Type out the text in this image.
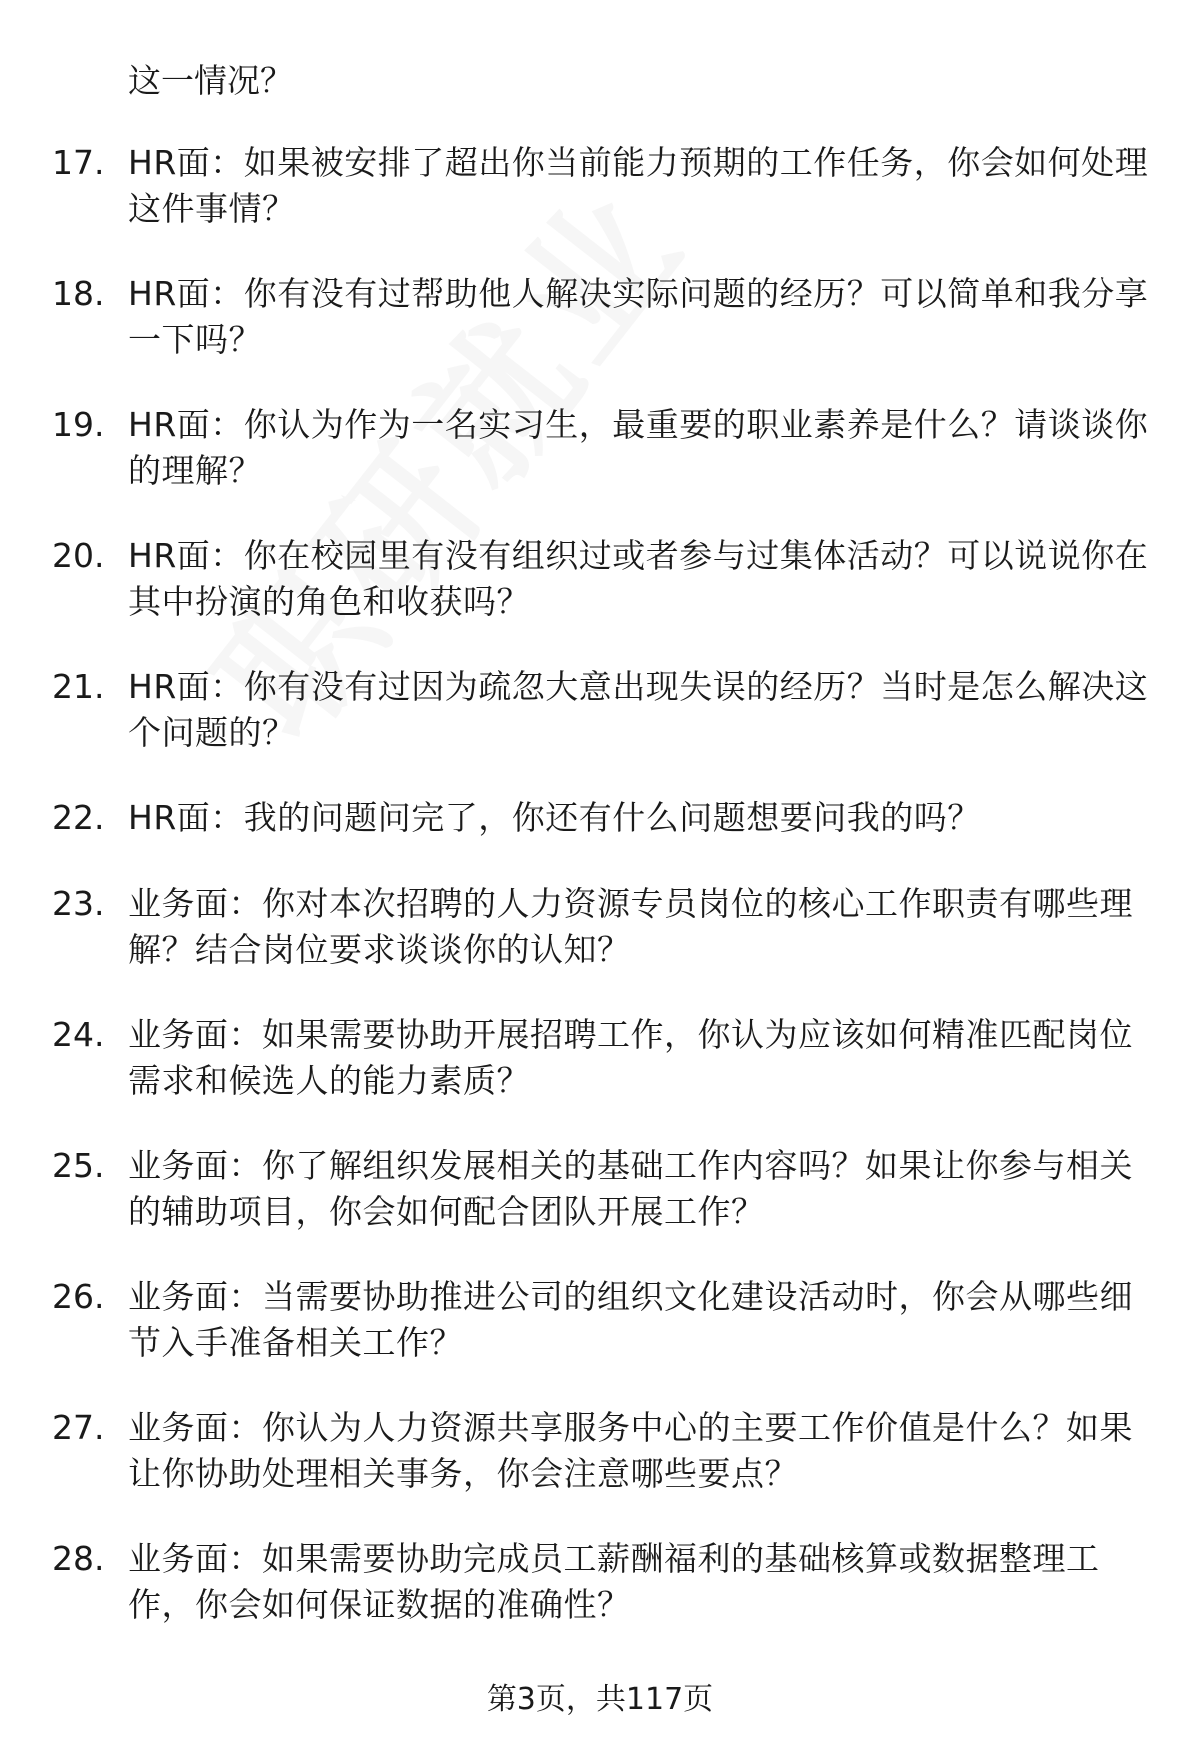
这一情况？
17. HR面：如果被安排了超出你当前能力预期的工作任务，你会如何处理这件事情？
18. HR面：你有没有过帮助他人解决实际问题的经历？可以简单和我分享一下吗？
19. HR面：你认为作为一名实习生，最重要的职业素养是什么？请谈谈你的理解？
20. HR面：你在校园里有没有组织过或者参与过集体活动？可以说说你在其中扮演的角色和收获吗？
21. HR面：你有没有过因为疏忽大意出现失误的经历？当时是怎么解决这个问题的？
22. HR面：我的问题问完了，你还有什么问题想要问我的吗？
23. 业务面：你对本次招聘的人力资源专员岗位的核心工作职责有哪些理解？结合岗位要求谈谈你的认知？
24. 业务面：如果需要协助开展招聘工作，你认为应该如何精准匹配岗位需求和候选人的能力素质？
25. 业务面：你了解组织发展相关的基础工作内容吗？如果让你参与相关的辅助项目，你会如何配合团队开展工作？
26. 业务面：当需要协助推进公司的组织文化建设活动时，你会从哪些细节入手准备相关工作？
27. 业务面：你认为人力资源共享服务中心的主要工作价值是什么？如果让你协助处理相关事务，你会注意哪些要点？
28. 业务面：如果需要协助完成员工薪酬福利的基础核算或数据整理工作，你会如何保证数据的准确性？
第3页，共117页
